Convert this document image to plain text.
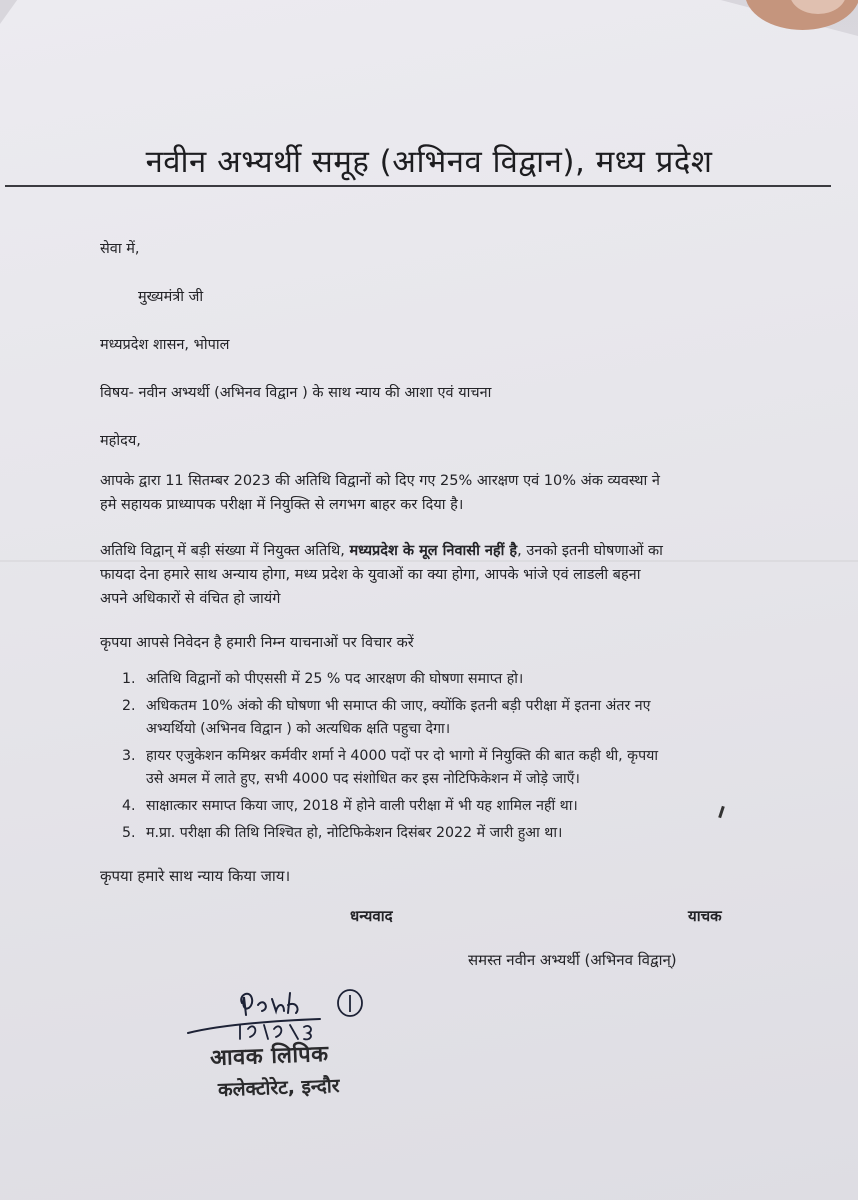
नवीन अभ्यर्थी समूह (अभिनव विद्वान), मध्य प्रदेश
सेवा में,
मुख्यमंत्री जी
मध्यप्रदेश शासन, भोपाल
विषय- नवीन अभ्यर्थी (अभिनव विद्वान ) के साथ न्याय की आशा एवं याचना
महोदय,
आपके द्वारा 11 सितम्बर 2023 की अतिथि विद्वानों को दिए गए 25% आरक्षण एवं 10% अंक व्यवस्था ने
हमे सहायक प्राध्यापक परीक्षा में नियुक्ति से लगभग बाहर कर दिया है।
अतिथि विद्वान् में बड़ी संख्या में नियुक्त अतिथि, मध्यप्रदेश के मूल निवासी नहीं है, उनको इतनी घोषणाओं का
फायदा देना हमारे साथ अन्याय होगा, मध्य प्रदेश के युवाओं का क्या होगा, आपके भांजे एवं लाडली बहना
अपने अधिकारों से वंचित हो जायंगे
कृपया आपसे निवेदन है हमारी निम्न याचनाओं पर विचार करें
1. अतिथि विद्वानों को पीएससी में 25 % पद आरक्षण की घोषणा समाप्त हो।
2. अधिकतम 10% अंको की घोषणा भी समाप्त की जाए, क्योंकि इतनी बड़ी परीक्षा में इतना अंतर नए
अभ्यर्थियो (अभिनव विद्वान ) को अत्यधिक क्षति पहुचा देगा।
3. हायर एजुकेशन कमिश्नर कर्मवीर शर्मा ने 4000 पदों पर दो भागो में नियुक्ति की बात कही थी, कृपया
उसे अमल में लाते हुए, सभी 4000 पद संशोधित कर इस नोटिफिकेशन में जोड़े जाएँ।
4. साक्षात्कार समाप्त किया जाए, 2018 में होने वाली परीक्षा में भी यह शामिल नहीं था।
5. म.प्रा. परीक्षा की तिथि निश्चित हो, नोटिफिकेशन दिसंबर 2022 में जारी हुआ था।
कृपया हमारे साथ न्याय किया जाय।
धन्यवाद	याचक
समस्त नवीन अभ्यर्थी (अभिनव विद्वान्)
आवक लिपिक
कलेक्टोरेट, इन्दौर
